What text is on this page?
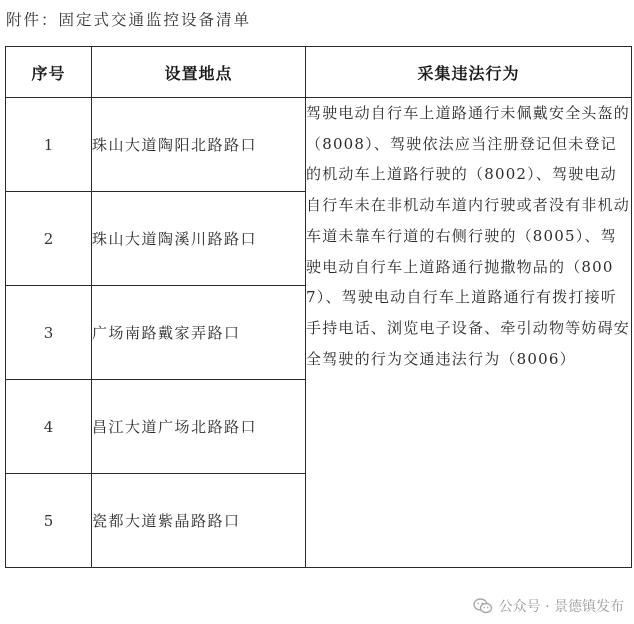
附件：固定式交通监控设备清单
序号	设置地点	采集违法行为
1	珠山大道陶阳北路路口	驾驶电动自行车上道路通行未佩戴安全头盔的（8008）、驾驶依法应当注册登记但未登记的机动车上道路行驶的（8002）、驾驶电动自行车未在非机动车道内行驶或者没有非机动车道未靠车行道的右侧行驶的（8005）、驾驶电动自行车上道路通行抛撒物品的（8007）、驾驶电动自行车上道路通行有拨打接听手持电话、浏览电子设备、牵引动物等妨碍安全驾驶的行为交通违法行为（8006）
2	珠山大道陶溪川路路口	
3	广场南路戴家弄路口	
4	昌江大道广场北路路口	
5	瓷都大道紫晶路路口	
公众号 · 景德镇发布
